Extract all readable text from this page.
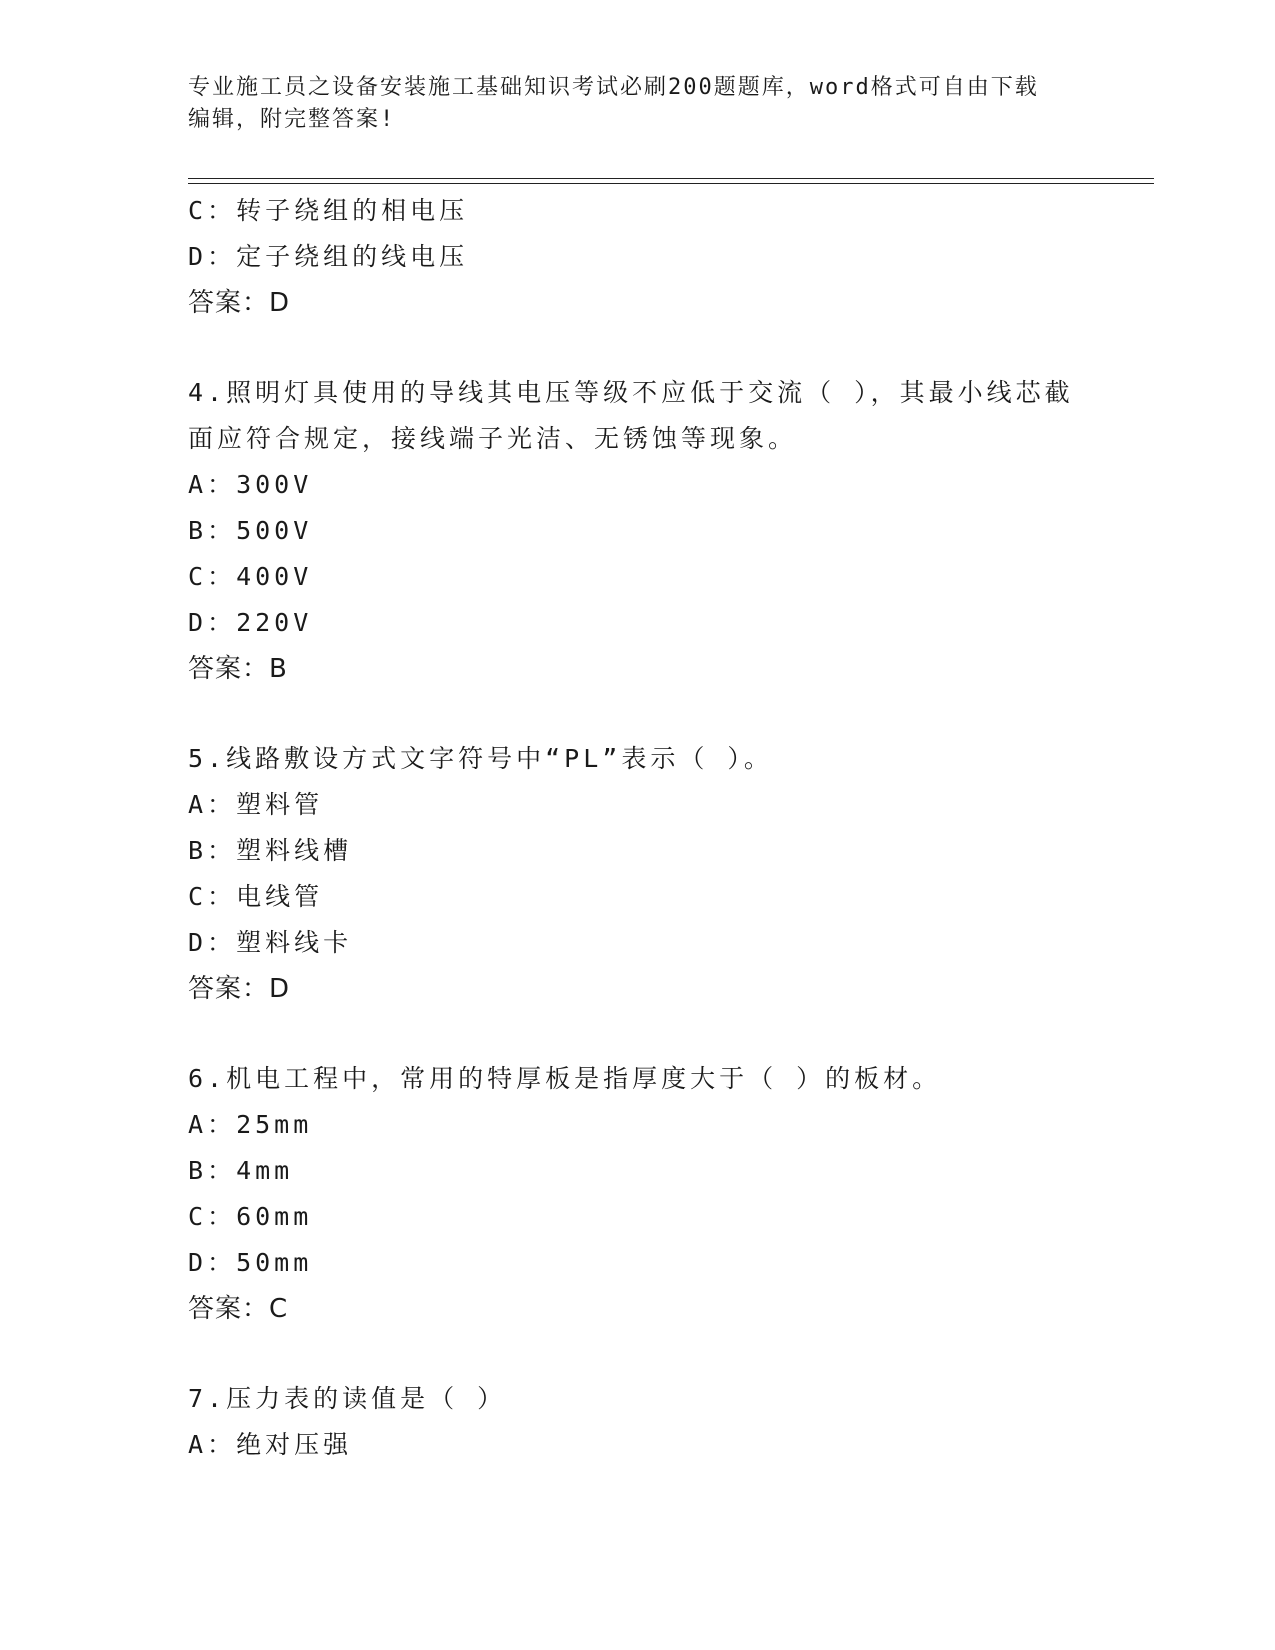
专业施工员之设备安装施工基础知识考试必刷200题题库，word格式可自由下载
编辑，附完整答案!
C：转子绕组的相电压
D：定子绕组的线电压
答案：D
4.照明灯具使用的导线其电压等级不应低于交流（ ），其最小线芯截
面应符合规定，接线端子光洁、无锈蚀等现象。
A：300V
B：500V
C：400V
D：220V
答案：B
5.线路敷设方式文字符号中“PL”表示（ ）。
A：塑料管
B：塑料线槽
C：电线管
D：塑料线卡
答案：D
6.机电工程中，常用的特厚板是指厚度大于（ ）的板材。
A：25mm
B：4mm
C：60mm
D：50mm
答案：C
7.压力表的读值是（ ）
A：绝对压强
